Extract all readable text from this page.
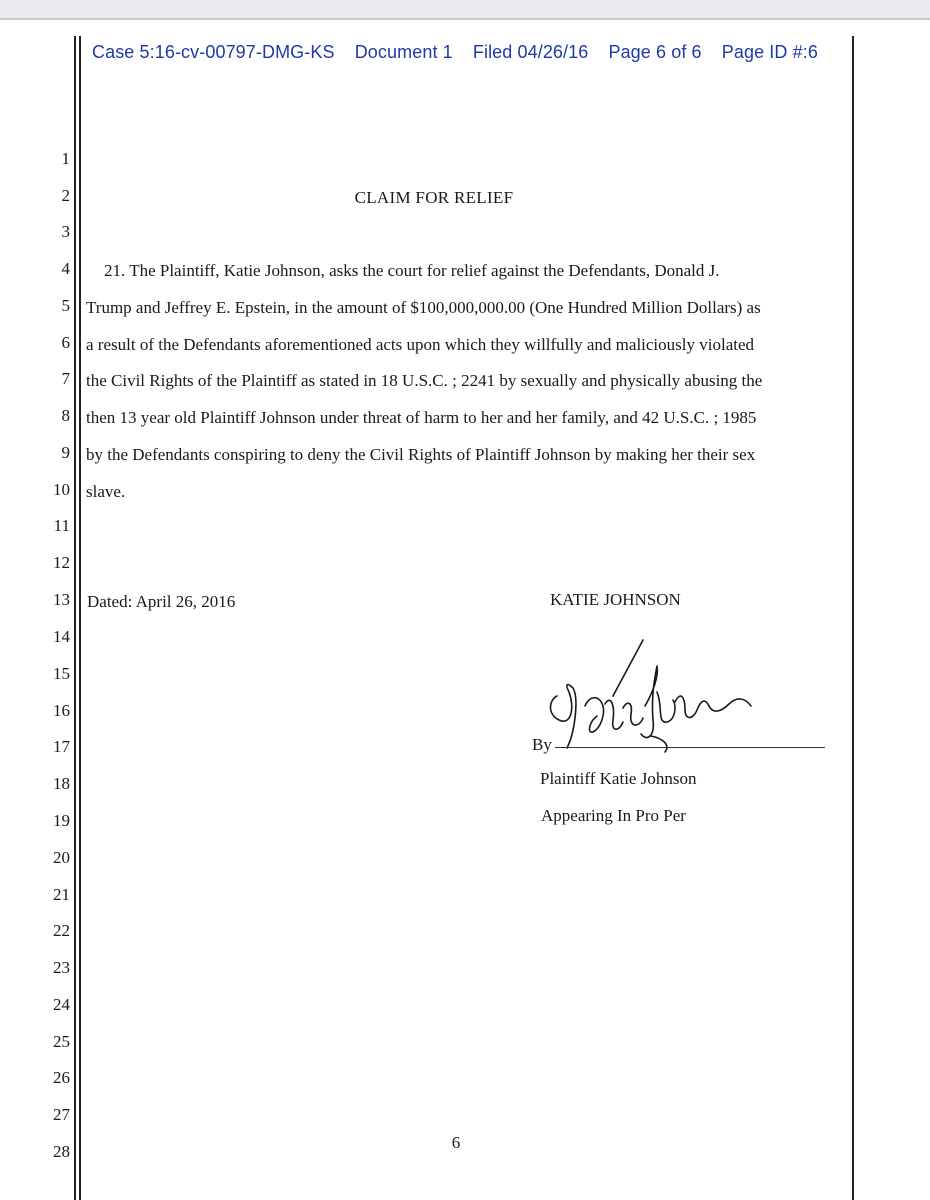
Case 5:16-cv-00797-DMG-KS Document 1 Filed 04/26/16 Page 6 of 6 Page ID #:6
1
2
3
4
5
6
7
8
9
10
11
12
13
14
15
16
17
18
19
20
21
22
23
24
25
26
27
28
CLAIM FOR RELIEF
21. The Plaintiff, Katie Johnson, asks the court for relief against the Defendants, Donald J.
Trump and Jeffrey E. Epstein, in the amount of $100,000,000.00 (One Hundred Million Dollars) as
a result of the Defendants aforementioned acts upon which they willfully and maliciously violated
the Civil Rights of the Plaintiff as stated in 18 U.S.C. ; 2241 by sexually and physically abusing the
then 13 year old Plaintiff Johnson under threat of harm to her and her family, and 42 U.S.C. ; 1985
by the Defendants conspiring to deny the Civil Rights of Plaintiff Johnson by making her their sex
slave.
Dated: April 26, 2016	KATIE JOHNSON
By
Plaintiff Katie Johnson
Appearing In Pro Per
6
